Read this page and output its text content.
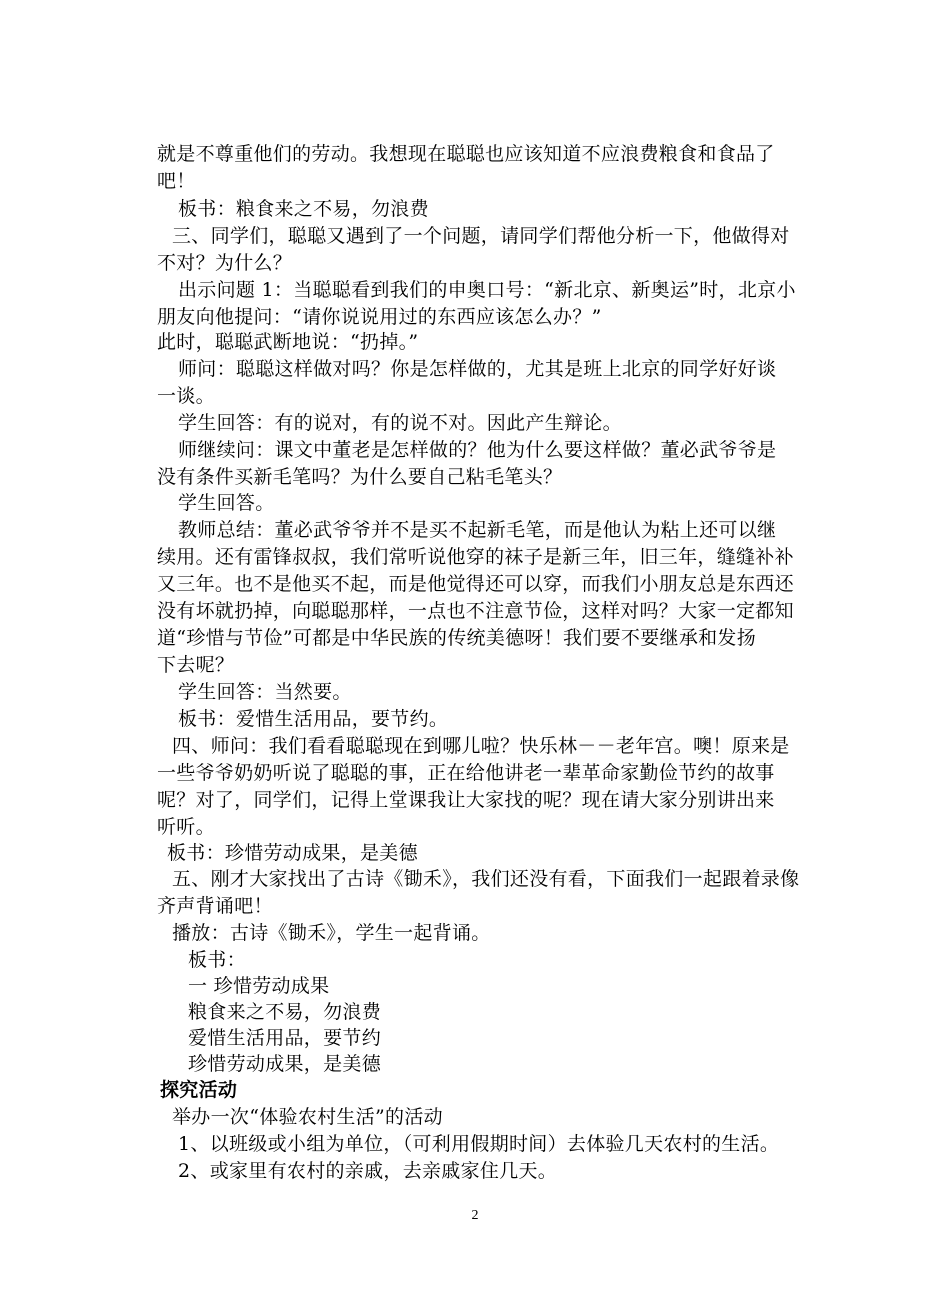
就是不尊重他们的劳动。我想现在聪聪也应该知道不应浪费粮食和食品了
吧！
板书：粮食来之不易，勿浪费
三、同学们，聪聪又遇到了一个问题，请同学们帮他分析一下，他做得对
不对？为什么？
出示问题 1：当聪聪看到我们的申奥口号：“新北京、新奥运”时，北京小
朋友向他提问：“请你说说用过的东西应该怎么办？”
此时，聪聪武断地说：“扔掉。”
师问：聪聪这样做对吗？你是怎样做的，尤其是班上北京的同学好好谈
一谈。
学生回答：有的说对，有的说不对。因此产生辩论。
师继续问：课文中董老是怎样做的？他为什么要这样做？董必武爷爷是
没有条件买新毛笔吗？为什么要自己粘毛笔头？
学生回答。
教师总结：董必武爷爷并不是买不起新毛笔，而是他认为粘上还可以继
续用。还有雷锋叔叔，我们常听说他穿的袜子是新三年，旧三年，缝缝补补
又三年。也不是他买不起，而是他觉得还可以穿，而我们小朋友总是东西还
没有坏就扔掉，向聪聪那样，一点也不注意节俭，这样对吗？大家一定都知
道“珍惜与节俭”可都是中华民族的传统美德呀！我们要不要继承和发扬
下去呢？
学生回答：当然要。
板书：爱惜生活用品，要节约。
四、师问：我们看看聪聪现在到哪儿啦？快乐林－－老年宫。噢！原来是
一些爷爷奶奶听说了聪聪的事，正在给他讲老一辈革命家勤俭节约的故事
呢？对了，同学们，记得上堂课我让大家找的呢？现在请大家分别讲出来
听听。
板书：珍惜劳动成果，是美德
五、刚才大家找出了古诗《锄禾》，我们还没有看，下面我们一起跟着录像
齐声背诵吧！
播放：古诗《锄禾》，学生一起背诵。
板书：
一 珍惜劳动成果
粮食来之不易，勿浪费
爱惜生活用品，要节约
珍惜劳动成果，是美德
探究活动
举办一次“体验农村生活”的活动
1、以班级或小组为单位，（可利用假期时间）去体验几天农村的生活。
2、或家里有农村的亲戚，去亲戚家住几天。
2
